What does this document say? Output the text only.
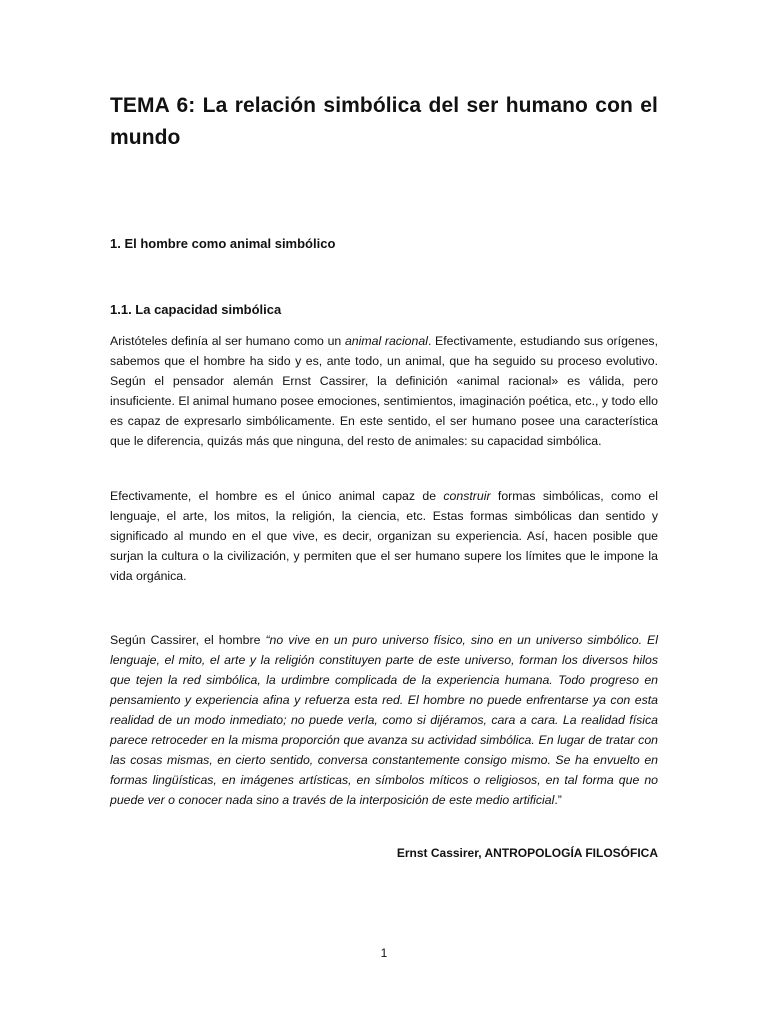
TEMA 6: La relación simbólica del ser humano con el mundo
1. El hombre como animal simbólico
1.1. La capacidad simbólica

Aristóteles definía al ser humano como un animal racional. Efectivamente, estudiando sus orígenes, sabemos que el hombre ha sido y es, ante todo, un animal, que ha seguido su proceso evolutivo. Según el pensador alemán Ernst Cassirer, la definición «animal racional» es válida, pero insuficiente. El animal humano posee emociones, sentimientos, imaginación poética, etc., y todo ello es capaz de expresarlo simbólicamente. En este sentido, el ser humano posee una característica que le diferencia, quizás más que ninguna, del resto de animales: su capacidad simbólica.

Efectivamente, el hombre es el único animal capaz de construir formas simbólicas, como el lenguaje, el arte, los mitos, la religión, la ciencia, etc. Estas formas simbólicas dan sentido y significado al mundo en el que vive, es decir, organizan su experiencia. Así, hacen posible que surjan la cultura o la civilización, y permiten que el ser humano supere los límites que le impone la vida orgánica.

Según Cassirer, el hombre “no vive en un puro universo físico, sino en un universo simbólico. El lenguaje, el mito, el arte y la religión constituyen parte de este universo, forman los diversos hilos que tejen la red simbólica, la urdimbre complicada de la experiencia humana. Todo progreso en pensamiento y experiencia afina y refuerza esta red. El hombre no puede enfrentarse ya con esta realidad de un modo inmediato; no puede verla, como si dijéramos, cara a cara. La realidad física parece retroceder en la misma proporción que avanza su actividad simbólica. En lugar de tratar con las cosas mismas, en cierto sentido, conversa constantemente consigo mismo. Se ha envuelto en formas lingüísticas, en imágenes artísticas, en símbolos míticos o religiosos, en tal forma que no puede ver o conocer nada sino a través de la interposición de este medio artificial.”

Ernst Cassirer, ANTROPOLOGÍA FILOSÓFICA
1
